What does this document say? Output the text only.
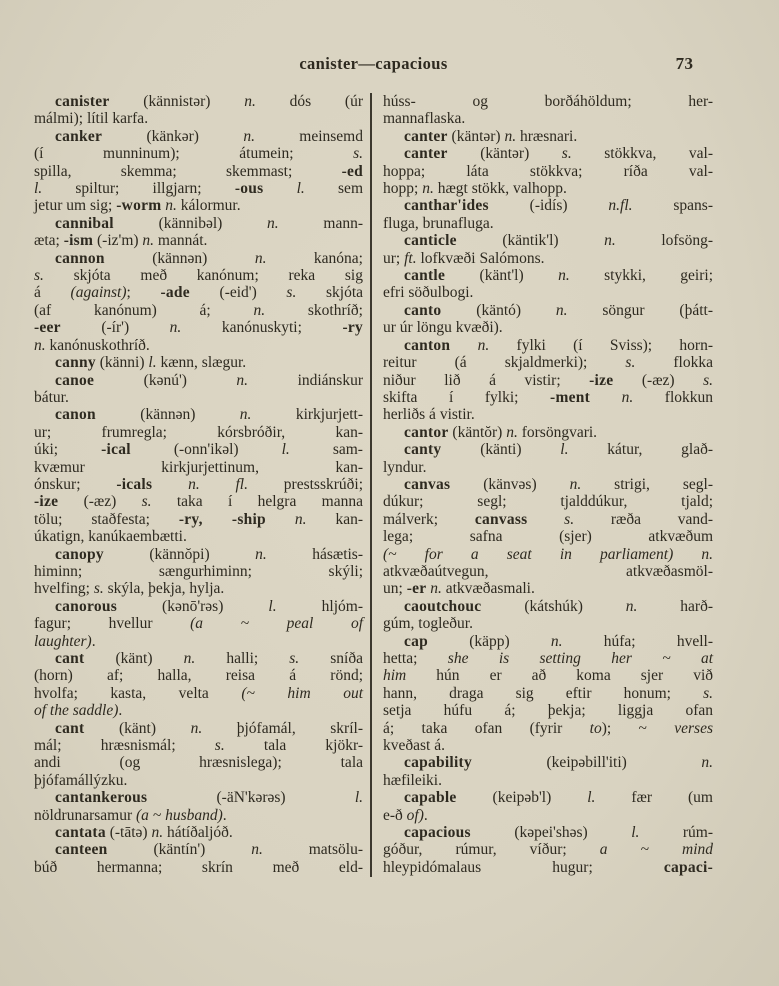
canister—capacious	73
canister (kännistər) n. dós (úr
málmi); lítil karfa.
canker (känkər) n. meinsemd
(í munninum); átumein; s.
spilla, skemma; skemmast; -ed
l. spiltur; illgjarn; -ous l. sem
jetur um sig; -worm n. kálormur.
cannibal (kännibəl) n. mann-
æta; -ism (-iz'm) n. mannát.
cannon (kännən) n. kanóna;
s. skjóta með kanónum; reka sig
á (against); -ade (-eid') s. skjóta
(af kanónum) á; n. skothríð;
-eer (-ír') n. kanónuskyti; -ry
n. kanónuskothríð.
canny (känni) l. kænn, slægur.
canoe (kənú') n. indiánskur
bátur.
canon (kännən) n. kirkjurjett-
ur; frumregla; kórsbróðir, kan-
úki; -ical (-onn'ikəl) l. sam-
kvæmur kirkjurjettinum, kan-
ónskur; -icals n. fl. prestsskrúði;
-ize (-æz) s. taka í helgra manna
tölu; staðfesta; -ry, -ship n. kan-
úkatign, kanúkaembætti.
canopy (kännŏpi) n. hásætis-
himinn; sængurhiminn; skýli;
hvelfing; s. skýla, þekja, hylja.
canorous (kənō'rəs) l. hljóm-
fagur; hvellur (a ~ peal of
laughter).
cant (känt) n. halli; s. sníða
(horn) af; halla, reisa á rönd;
hvolfa; kasta, velta (~ him out
of the saddle).
cant (känt) n. þjófamál, skríl-
mál; hræsnismál; s. tala kjökr-
andi (og hræsnislega); tala
þjófamállýzku.
cantankerous (-äN'kərəs) l.
nöldrunarsamur (a ~ husband).
cantata (-tātə) n. hátíðaljóð.
canteen (käntín') n. matsölu-
búð hermanna; skrín með eld-
húss- og borðáhöldum; her-
mannaflaska.
canter (käntər) n. hræsnari.
canter (käntər) s. stökkva, val-
hoppa; láta stökkva; ríða val-
hopp; n. hægt stökk, valhopp.
canthar'ides (-idís) n.fl. spans-
fluga, brunafluga.
canticle (käntik'l) n. lofsöng-
ur; ft. lofkvæði Salómons.
cantle (känt'l) n. stykki, geiri;
efri söðulbogi.
canto (käntó) n. söngur (þátt-
ur úr löngu kvæði).
canton n. fylki (í Sviss); horn-
reitur (á skjaldmerki); s. flokka
niður lið á vistir; -ize (-æz) s.
skifta í fylki; -ment n. flokkun
herliðs á vistir.
cantor (käntŏr) n. forsöngvari.
canty (känti) l. kátur, glað-
lyndur.
canvas (känvəs) n. strigi, segl-
dúkur; segl; tjalddúkur, tjald;
málverk; canvass s. ræða vand-
lega; safna (sjer) atkvæðum
(~ for a seat in parliament) n.
atkvæðaútvegun, atkvæðasmöl-
un; -er n. atkvæðasmali.
caoutchouc (kátshúk) n. harð-
gúm, togleður.
cap (käpp) n. húfa; hvell-
hetta; she is setting her ~ at
him hún er að koma sjer við
hann, draga sig eftir honum; s.
setja húfu á; þekja; liggja ofan
á; taka ofan (fyrir to); ~ verses
kveðast á.
capability (keipəbill'iti) n.
hæfileiki.
capable (keipəb'l) l. fær (um
e-ð of).
capacious (kəpei'shəs) l. rúm-
góður, rúmur, víður; a ~ mind
hleypidómalaus hugur; capaci-
